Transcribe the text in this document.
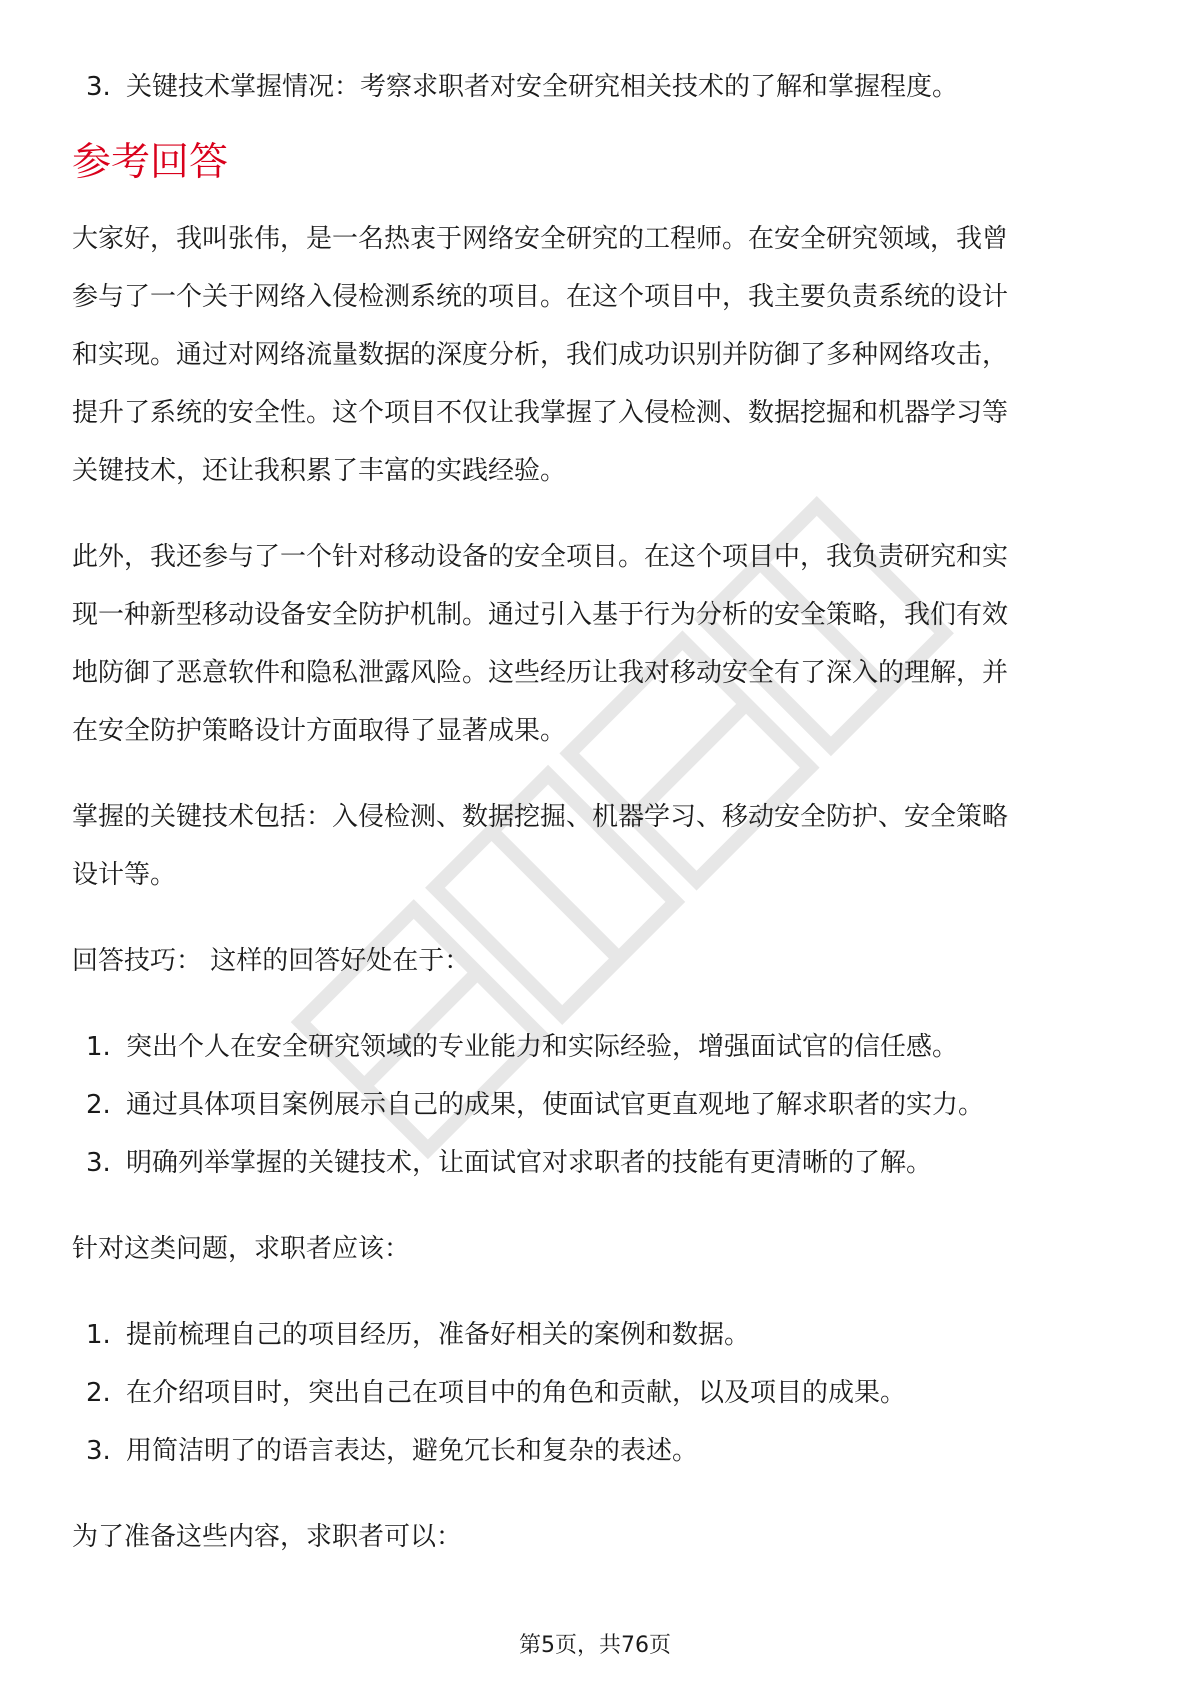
3. 关键技术掌握情况：考察求职者对安全研究相关技术的了解和掌握程度。
参考回答
大家好，我叫张伟，是一名热衷于网络安全研究的工程师。在安全研究领域，我曾
参与了一个关于网络入侵检测系统的项目。在这个项目中，我主要负责系统的设计
和实现。通过对网络流量数据的深度分析，我们成功识别并防御了多种网络攻击，
提升了系统的安全性。这个项目不仅让我掌握了入侵检测、数据挖掘和机器学习等
关键技术，还让我积累了丰富的实践经验。
此外，我还参与了一个针对移动设备的安全项目。在这个项目中，我负责研究和实
现一种新型移动设备安全防护机制。通过引入基于行为分析的安全策略，我们有效
地防御了恶意软件和隐私泄露风险。这些经历让我对移动安全有了深入的理解，并
在安全防护策略设计方面取得了显著成果。
掌握的关键技术包括：入侵检测、数据挖掘、机器学习、移动安全防护、安全策略
设计等。
回答技巧： 这样的回答好处在于：
1. 突出个人在安全研究领域的专业能力和实际经验，增强面试官的信任感。
2. 通过具体项目案例展示自己的成果，使面试官更直观地了解求职者的实力。
3. 明确列举掌握的关键技术，让面试官对求职者的技能有更清晰的了解。
针对这类问题，求职者应该：
1. 提前梳理自己的项目经历，准备好相关的案例和数据。
2. 在介绍项目时，突出自己在项目中的角色和贡献，以及项目的成果。
3. 用简洁明了的语言表达，避免冗长和复杂的表述。
为了准备这些内容，求职者可以：
第5页，共76页
